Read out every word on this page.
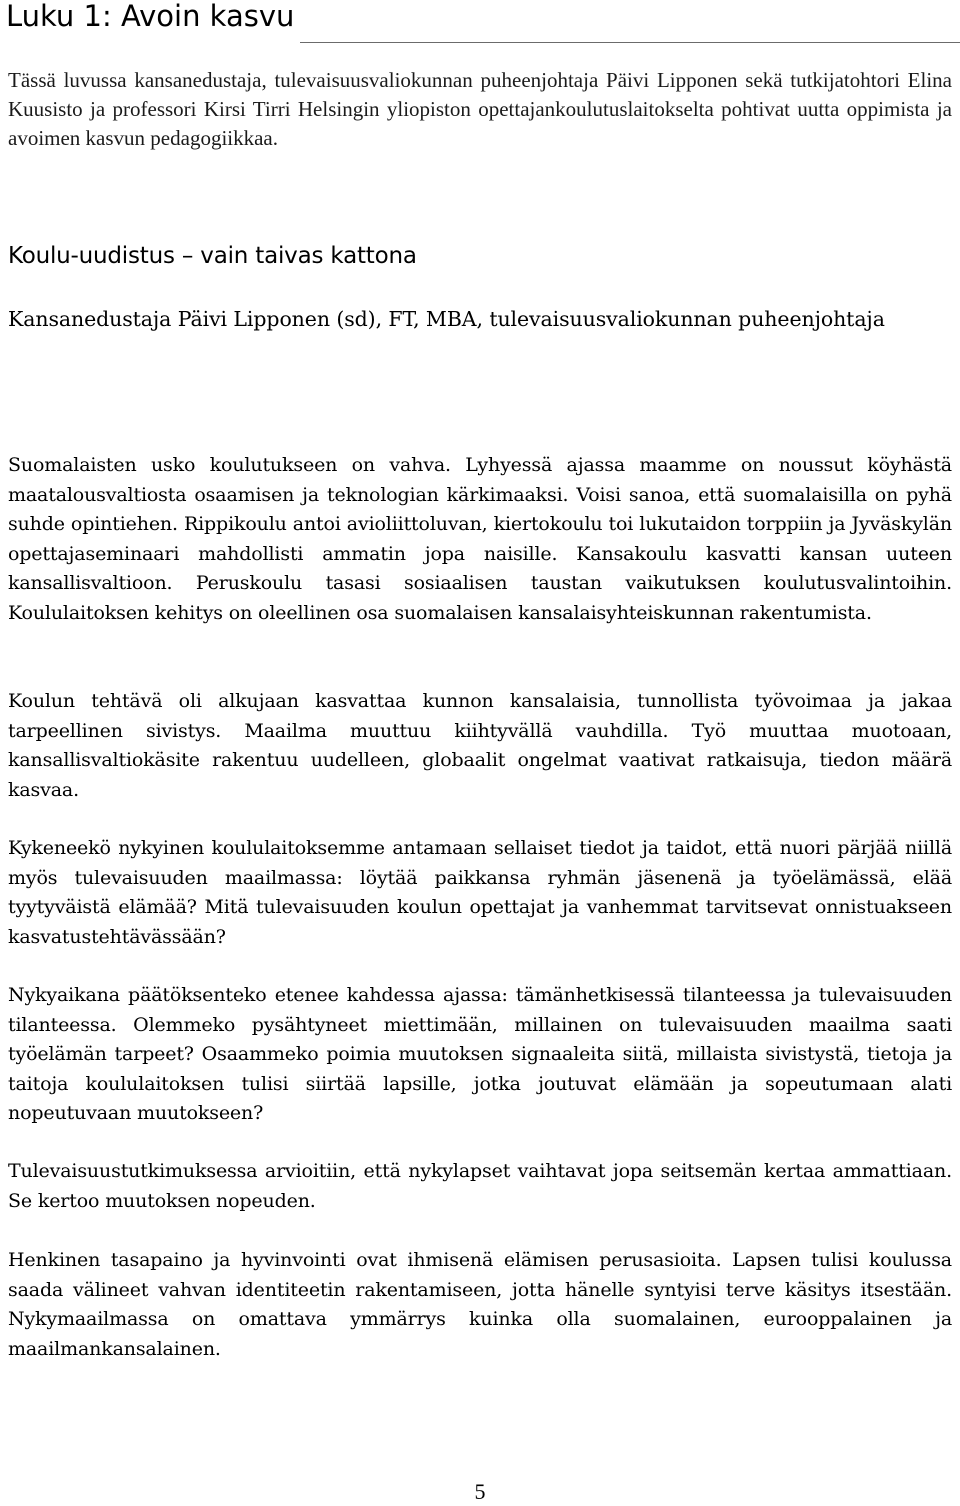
Luku 1: Avoin kasvu

Tässä luvussa kansanedustaja, tulevaisuusvaliokunnan puheenjohtaja Päivi Lipponen sekä tutkijatohtori Elina Kuusisto ja professori Kirsi Tirri Helsingin yliopiston opettajankoulutuslaitokselta pohtivat uutta oppimista ja avoimen kasvun pedagogiikkaa.

Koulu-uudistus – vain taivas kattona

Kansanedustaja Päivi Lipponen (sd), FT, MBA, tulevaisuusvaliokunnan puheenjohtaja

Suomalaisten usko koulutukseen on vahva. Lyhyessä ajassa maamme on noussut köyhästä maatalousvaltiosta osaamisen ja teknologian kärkimaaksi. Voisi sanoa, että suomalaisilla on pyhä suhde opintiehen. Rippikoulu antoi avioliittoluvan, kiertokoulu toi lukutaidon torppiin ja Jyväskylän opettajaseminaari mahdollisti ammatin jopa naisille. Kansakoulu kasvatti kansan uuteen kansallisvaltioon. Peruskoulu tasasi sosiaalisen taustan vaikutuksen koulutusvalintoihin. Koululaitoksen kehitys on oleellinen osa suomalaisen kansalaisyhteiskunnan rakentumista.

Koulun tehtävä oli alkujaan kasvattaa kunnon kansalaisia, tunnollista työvoimaa ja jakaa tarpeellinen sivistys. Maailma muuttuu kiihtyvällä vauhdilla. Työ muuttaa muotoaan, kansallisvaltiokäsite rakentuu uudelleen, globaalit ongelmat vaativat ratkaisuja, tiedon määrä kasvaa.

Kykeneekö nykyinen koululaitoksemme antamaan sellaiset tiedot ja taidot, että nuori pärjää niillä myös tulevaisuuden maailmassa: löytää paikkansa ryhmän jäsenenä ja työelämässä, elää tyytyväistä elämää? Mitä tulevaisuuden koulun opettajat ja vanhemmat tarvitsevat onnistuakseen kasvatustehtävässään?

Nykyaikana päätöksenteko etenee kahdessa ajassa: tämänhetkisessä tilanteessa ja tulevaisuuden tilanteessa. Olemmeko pysähtyneet miettimään, millainen on tulevaisuuden maailma saati työelämän tarpeet? Osaammeko poimia muutoksen signaaleita siitä, millaista sivistystä, tietoja ja taitoja koululaitoksen tulisi siirtää lapsille, jotka joutuvat elämään ja sopeutumaan alati nopeutuvaan muutokseen?

Tulevaisuustutkimuksessa arvioitiin, että nykylapset vaihtavat jopa seitsemän kertaa ammattiaan. Se kertoo muutoksen nopeuden.

Henkinen tasapaino ja hyvinvointi ovat ihmisenä elämisen perusasioita. Lapsen tulisi koulussa saada välineet vahvan identiteetin rakentamiseen, jotta hänelle syntyisi terve käsitys itsestään. Nykymaailmassa on omattava ymmärrys kuinka olla suomalainen, eurooppalainen ja maailmankansalainen.

5
